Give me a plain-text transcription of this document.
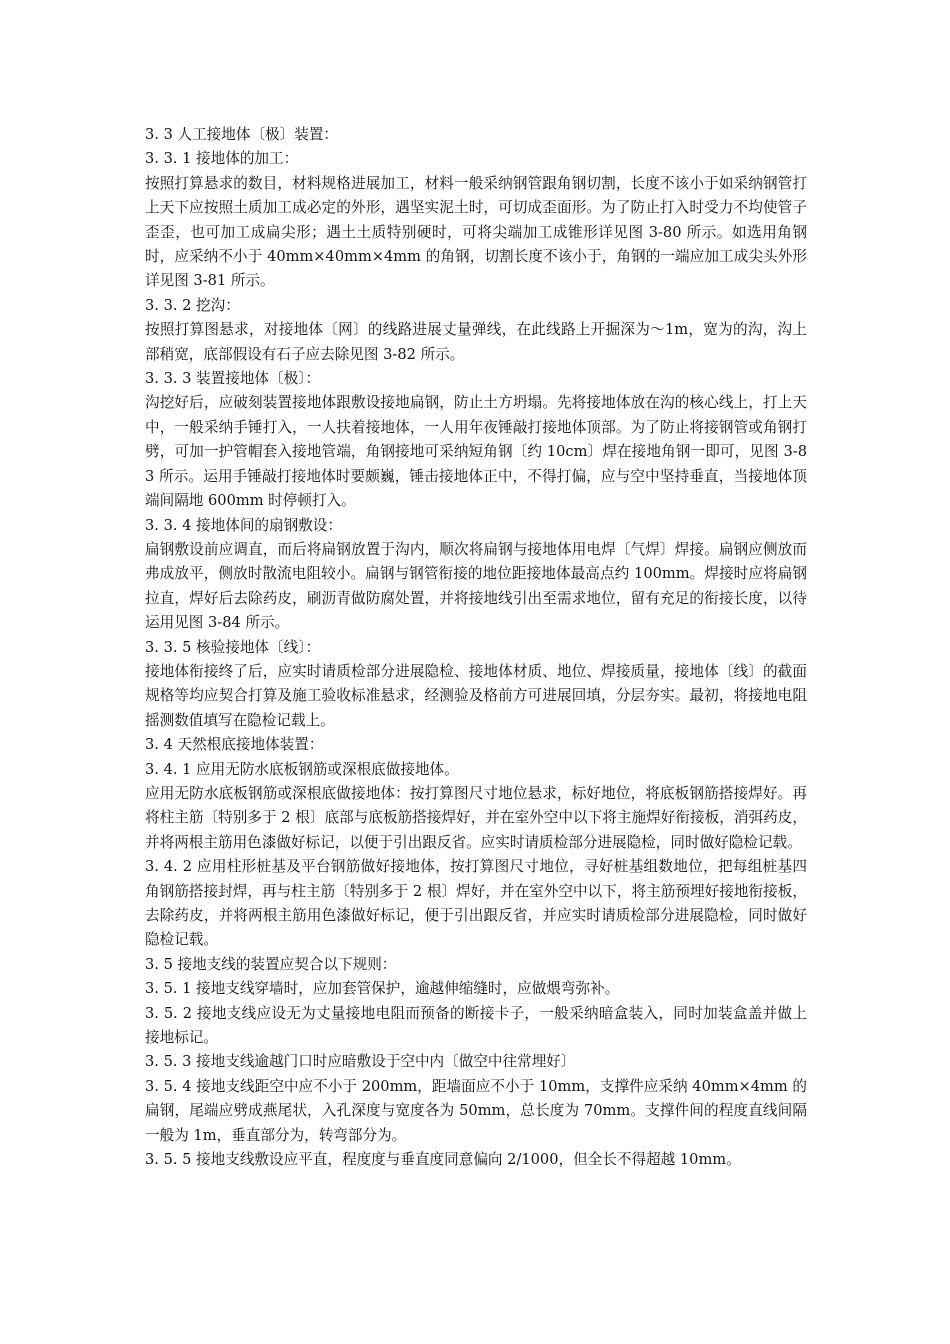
3. 3 人工接地体〔极〕装置：

3. 3. 1 接地体的加工：

按照打算悬求的数目，材料规格进展加工，材料一般采纳钢管跟角钢切割，长度不该小于如采纳钢管打上天下应按照土质加工成必定的外形，遇坚实泥土时，可切成歪面形。为了防止打入时受力不均使管子歪歪，也可加工成扁尖形；遇土土质特别硬时，可将尖端加工成锥形详见图 3-80 所示。如选用角钢时，应采纳不小于 40mm×40mm×4mm 的角钢，切割长度不该小于，角钢的一端应加工成尖头外形详见图 3-81 所示。

3. 3. 2 挖沟：

按照打算图悬求，对接地体〔网〕的线路进展丈量弹线，在此线路上开掘深为～1m，宽为的沟，沟上部稍宽，底部假设有石子应去除见图 3-82 所示。

3. 3. 3 装置接地体〔极〕：

沟挖好后，应破刻装置接地体跟敷设接地扁钢，防止土方坍塌。先将接地体放在沟的核心线上，打上天中，一般采纳手锤打入，一人扶着接地体，一人用年夜锤敲打接地体顶部。为了防止将接钢管或角钢打劈，可加一护管帽套入接地管端，角钢接地可采纳短角钢〔约 10cm〕焊在接地角钢一即可，见图 3-83 所示。运用手锤敲打接地体时要颇巍，锤击接地体正中，不得打偏，应与空中坚持垂直，当接地体顶端间隔地 600mm 时停顿打入。

3. 3. 4 接地体间的扇钢敷设：

扁钢敷设前应调直，而后将扁钢放置于沟内，顺次将扁钢与接地体用电焊〔气焊〕焊接。扁钢应侧放而弗成放平，侧放时散流电阻较小。扁钢与钢管衔接的地位距接地体最高点约 100mm。焊接时应将扁钢拉直，焊好后去除药皮，刷沥青做防腐处置，并将接地线引出至需求地位，留有充足的衔接长度，以待运用见图 3-84 所示。

3. 3. 5 核验接地体〔线〕：

接地体衔接终了后，应实时请质检部分进展隐检、接地体材质、地位、焊接质量，接地体〔线〕的截面规格等均应契合打算及施工验收标准悬求，经测验及格前方可进展回填，分层夯实。最初，将接地电阻摇测数值填写在隐检记载上。

3. 4 天然根底接地体装置：

3. 4. 1 应用无防水底板钢筋或深根底做接地体。

应用无防水底板钢筋或深根底做接地体：按打算图尺寸地位悬求，标好地位，将底板钢筋搭接焊好。再将柱主筋〔特别多于 2 根〕底部与底板筋搭接焊好，并在室外空中以下将主施焊好衔接板，消弭药皮，并将两根主筋用色漆做好标记，以便于引出跟反省。应实时请质检部分进展隐检，同时做好隐检记载。

3. 4. 2 应用柱形桩基及平台钢筋做好接地体，按打算图尺寸地位，寻好桩基组数地位，把每组桩基四角钢筋搭接封焊，再与柱主筋〔特别多于 2 根〕焊好，并在室外空中以下，将主筋预埋好接地衔接板，去除药皮，并将两根主筋用色漆做好标记，便于引出跟反省，并应实时请质检部分进展隐检，同时做好隐检记载。

3. 5 接地支线的装置应契合以下规则：

3. 5. 1 接地支线穿墙时，应加套管保护，逾越伸缩缝时，应做煨弯弥补。

3. 5. 2 接地支线应设无为丈量接地电阻而预备的断接卡子，一般采纳暗盒装入，同时加装盒盖并做上接地标记。

3. 5. 3 接地支线逾越门口时应暗敷设于空中内〔做空中往常埋好〕

3. 5. 4 接地支线距空中应不小于 200mm，距墙面应不小于 10mm，支撑件应采纳 40mm×4mm 的扁钢，尾端应劈成燕尾状，入孔深度与宽度各为 50mm，总长度为 70mm。支撑件间的程度直线间隔一般为 1m，垂直部分为，转弯部分为。

3. 5. 5 接地支线敷设应平直，程度度与垂直度同意偏向 2/1000，但全长不得超越 10mm。
